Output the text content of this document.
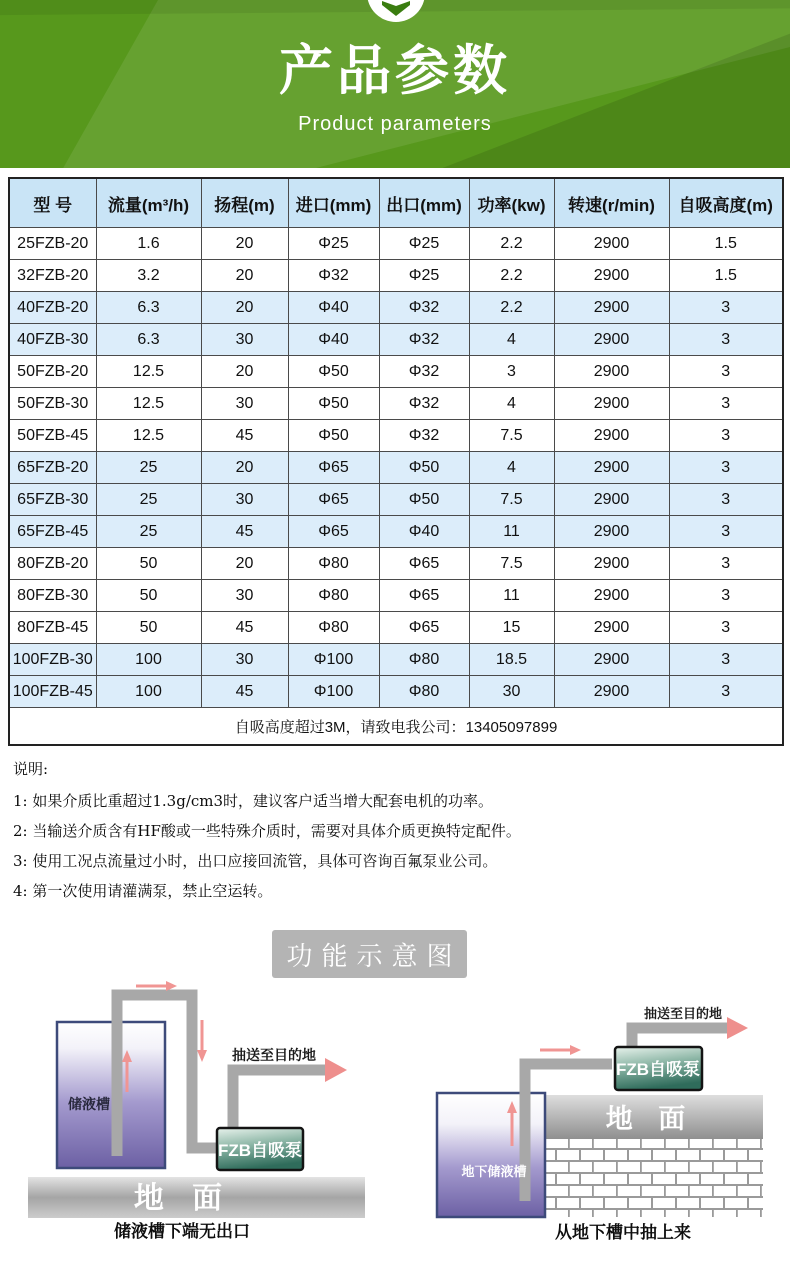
产品参数
Product parameters
型 号	流量(m³/h)	扬程(m)	进口(mm)	出口(mm)	功率(kw)	转速(r/min)	自吸高度(m)
25FZB-20	1.6	20	Φ25	Φ25	2.2	2900	1.5
32FZB-20	3.2	20	Φ32	Φ25	2.2	2900	1.5
40FZB-20	6.3	20	Φ40	Φ32	2.2	2900	3
40FZB-30	6.3	30	Φ40	Φ32	4	2900	3
50FZB-20	12.5	20	Φ50	Φ32	3	2900	3
50FZB-30	12.5	30	Φ50	Φ32	4	2900	3
50FZB-45	12.5	45	Φ50	Φ32	7.5	2900	3
65FZB-20	25	20	Φ65	Φ50	4	2900	3
65FZB-30	25	30	Φ65	Φ50	7.5	2900	3
65FZB-45	25	45	Φ65	Φ40	11	2900	3
80FZB-20	50	20	Φ80	Φ65	7.5	2900	3
80FZB-30	50	30	Φ80	Φ65	11	2900	3
80FZB-45	50	45	Φ80	Φ65	15	2900	3
100FZB-30	100	30	Φ100	Φ80	18.5	2900	3
100FZB-45	100	45	Φ100	Φ80	30	2900	3
自吸高度超过3M，请致电我公司：13405097899							
说明:
1: 如果介质比重超过1.3g/cm3时，建议客户适当增大配套电机的功率。
2: 当输送介质含有HF酸或一些特殊介质时，需要对具体介质更换特定配件。
3: 使用工况点流量过小时，出口应接回流管，具体可咨询百氟泵业公司。
4: 第一次使用请灌满泵，禁止空运转。
功能示意图
地 面
FZB自吸泵
抽送至目的地
储液槽
储液槽下端无出口
地 面
FZB自吸泵
抽送至目的地
地下储液槽
从地下槽中抽上来
